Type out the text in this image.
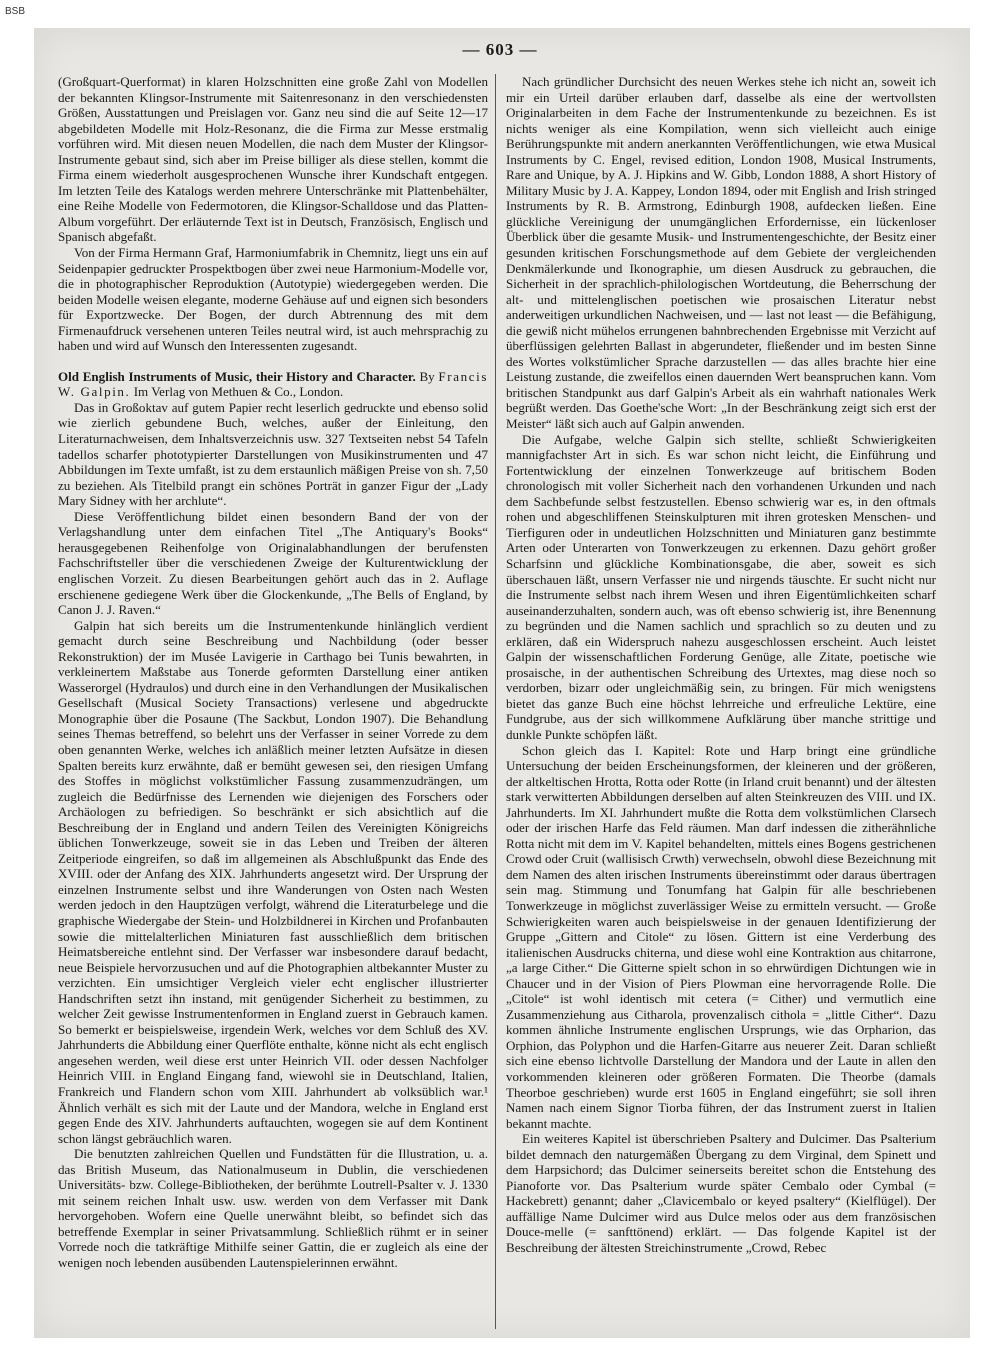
BSB
— 603 —

(Großquart-Querformat) in klaren Holzschnitten eine große Zahl von Modellen der bekannten Klingsor-Instrumente mit Saitenresonanz in den verschiedensten Größen, Ausstattungen und Preislagen vor. Ganz neu sind die auf Seite 12—17 abgebildeten Modelle mit Holz-Resonanz, die die Firma zur Messe erstmalig vorführen wird. Mit diesen neuen Modellen, die nach dem Muster der Klingsor-Instrumente gebaut sind, sich aber im Preise billiger als diese stellen, kommt die Firma einem wiederholt ausgesprochenen Wunsche ihrer Kundschaft entgegen. Im letzten Teile des Katalogs werden mehrere Unterschränke mit Plattenbehälter, eine Reihe Modelle von Federmotoren, die Klingsor-Schalldose und das Platten-Album vorgeführt. Der erläuternde Text ist in Deutsch, Französisch, Englisch und Spanisch abgefaßt.

Von der Firma Hermann Graf, Harmoniumfabrik in Chemnitz, liegt uns ein auf Seidenpapier gedruckter Prospektbogen über zwei neue Harmonium-Modelle vor, die in photographischer Reproduktion (Autotypie) wiedergegeben werden. Die beiden Modelle weisen elegante, moderne Gehäuse auf und eignen sich besonders für Exportzwecke. Der Bogen, der durch Abtrennung des mit dem Firmenaufdruck versehenen unteren Teiles neutral wird, ist auch mehrsprachig zu haben und wird auf Wunsch den Interessenten zugesandt.

Old English Instruments of Music, their History and Character. By Francis W. Galpin. Im Verlag von Methuen & Co., London.

Das in Großoktav auf gutem Papier recht leserlich gedruckte und ebenso solid wie zierlich gebundene Buch, welches, außer der Einleitung, den Literaturnachweisen, dem Inhaltsverzeichnis usw. 327 Textseiten nebst 54 Tafeln tadellos scharfer phototypierter Darstellungen von Musikinstrumenten und 47 Abbildungen im Texte umfaßt, ist zu dem erstaunlich mäßigen Preise von sh. 7,50 zu beziehen. Als Titelbild prangt ein schönes Porträt in ganzer Figur der „Lady Mary Sidney with her archlute“.

Diese Veröffentlichung bildet einen besondern Band der von der Verlagshandlung unter dem einfachen Titel „The Antiquary's Books“ herausgegebenen Reihenfolge von Originalabhandlungen der berufensten Fachschriftsteller über die verschiedenen Zweige der Kulturentwicklung der englischen Vorzeit. Zu diesen Bearbeitungen gehört auch das in 2. Auflage erschienene gediegene Werk über die Glockenkunde, „The Bells of England, by Canon J. J. Raven.“

Galpin hat sich bereits um die Instrumentenkunde hinlänglich verdient gemacht durch seine Beschreibung und Nachbildung (oder besser Rekonstruktion) der im Musée Lavigerie in Carthago bei Tunis bewahrten, in verkleinertem Maßstabe aus Tonerde geformten Darstellung einer antiken Wasserorgel (Hydraulos) und durch eine in den Verhandlungen der Musikalischen Gesellschaft (Musical Society Transactions) verlesene und abgedruckte Monographie über die Posaune (The Sackbut, London 1907). Die Behandlung seines Themas betreffend, so belehrt uns der Verfasser in seiner Vorrede zu dem oben genannten Werke, welches ich anläßlich meiner letzten Aufsätze in diesen Spalten bereits kurz erwähnte, daß er bemüht gewesen sei, den riesigen Umfang des Stoffes in möglichst volkstümlicher Fassung zusammenzudrängen, um zugleich die Bedürfnisse des Lernenden wie diejenigen des Forschers oder Archäologen zu befriedigen. So beschränkt er sich absichtlich auf die Beschreibung der in England und andern Teilen des Vereinigten Königreichs üblichen Tonwerkzeuge, soweit sie in das Leben und Treiben der älteren Zeitperiode eingreifen, so daß im allgemeinen als Abschlußpunkt das Ende des XVIII. oder der Anfang des XIX. Jahrhunderts angesetzt wird. Der Ursprung der einzelnen Instrumente selbst und ihre Wanderungen von Osten nach Westen werden jedoch in den Hauptzügen verfolgt, während die Literaturbelege und die graphische Wiedergabe der Stein- und Holzbildnerei in Kirchen und Profanbauten sowie die mittelalterlichen Miniaturen fast ausschließlich dem britischen Heimatsbereiche entlehnt sind. Der Verfasser war insbesondere darauf bedacht, neue Beispiele hervorzusuchen und auf die Photographien altbekannter Muster zu verzichten. Ein umsichtiger Vergleich vieler echt englischer illustrierter Handschriften setzt ihn instand, mit genügender Sicherheit zu bestimmen, zu welcher Zeit gewisse Instrumentenformen in England zuerst in Gebrauch kamen. So bemerkt er beispielsweise, irgendein Werk, welches vor dem Schluß des XV. Jahrhunderts die Abbildung einer Querflöte enthalte, könne nicht als echt englisch angesehen werden, weil diese erst unter Heinrich VII. oder dessen Nachfolger Heinrich VIII. in England Eingang fand, wiewohl sie in Deutschland, Italien, Frankreich und Flandern schon vom XIII. Jahrhundert ab volksüblich war.¹ Ähnlich verhält es sich mit der Laute und der Mandora, welche in England erst gegen Ende des XIV. Jahrhunderts auftauchten, wogegen sie auf dem Kontinent schon längst gebräuchlich waren.

Die benutzten zahlreichen Quellen und Fundstätten für die Illustration, u. a. das British Museum, das Nationalmuseum in Dublin, die verschiedenen Universitäts- bzw. College-Bibliotheken, der berühmte Loutrell-Psalter v. J. 1330 mit seinem reichen Inhalt usw. usw. werden von dem Verfasser mit Dank hervorgehoben. Wofern eine Quelle unerwähnt bleibt, so befindet sich das betreffende Exemplar in seiner Privatsammlung. Schließlich rühmt er in seiner Vorrede noch die tatkräftige Mithilfe seiner Gattin, die er zugleich als eine der wenigen noch lebenden ausübenden Lautenspielerinnen erwähnt.

Nach gründlicher Durchsicht des neuen Werkes stehe ich nicht an, soweit ich mir ein Urteil darüber erlauben darf, dasselbe als eine der wertvollsten Originalarbeiten in dem Fache der Instrumentenkunde zu bezeichnen. Es ist nichts weniger als eine Kompilation, wenn sich vielleicht auch einige Berührungspunkte mit andern anerkannten Veröffentlichungen, wie etwa Musical Instruments by C. Engel, revised edition, London 1908, Musical Instruments, Rare and Unique, by A. J. Hipkins and W. Gibb, London 1888, A short History of Military Music by J. A. Kappey, London 1894, oder mit English and Irish stringed Instruments by R. B. Armstrong, Edinburgh 1908, aufdecken ließen. Eine glückliche Vereinigung der unumgänglichen Erfordernisse, ein lückenloser Überblick über die gesamte Musik- und Instrumentengeschichte, der Besitz einer gesunden kritischen Forschungsmethode auf dem Gebiete der vergleichenden Denkmälerkunde und Ikonographie, um diesen Ausdruck zu gebrauchen, die Sicherheit in der sprachlich-philologischen Wortdeutung, die Beherrschung der alt- und mittelenglischen poetischen wie prosaischen Literatur nebst anderweitigen urkundlichen Nachweisen, und — last not least — die Befähigung, die gewiß nicht mühelos errungenen bahnbrechenden Ergebnisse mit Verzicht auf überflüssigen gelehrten Ballast in abgerundeter, fließender und im besten Sinne des Wortes volkstümlicher Sprache darzustellen — das alles brachte hier eine Leistung zustande, die zweifellos einen dauernden Wert beanspruchen kann. Vom britischen Standpunkt aus darf Galpin's Arbeit als ein wahrhaft nationales Werk begrüßt werden. Das Goethe'sche Wort: „In der Beschränkung zeigt sich erst der Meister“ läßt sich auch auf Galpin anwenden.

Die Aufgabe, welche Galpin sich stellte, schließt Schwierigkeiten mannigfachster Art in sich. Es war schon nicht leicht, die Einführung und Fortentwicklung der einzelnen Tonwerkzeuge auf britischem Boden chronologisch mit voller Sicherheit nach den vorhandenen Urkunden und nach dem Sachbefunde selbst festzustellen. Ebenso schwierig war es, in den oftmals rohen und abgeschliffenen Steinskulpturen mit ihren grotesken Menschen- und Tierfiguren oder in undeutlichen Holzschnitten und Miniaturen ganz bestimmte Arten oder Unterarten von Tonwerkzeugen zu erkennen. Dazu gehört großer Scharfsinn und glückliche Kombinationsgabe, die aber, soweit es sich überschauen läßt, unsern Verfasser nie und nirgends täuschte. Er sucht nicht nur die Instrumente selbst nach ihrem Wesen und ihren Eigentümlichkeiten scharf auseinanderzuhalten, sondern auch, was oft ebenso schwierig ist, ihre Benennung zu begründen und die Namen sachlich und sprachlich so zu deuten und zu erklären, daß ein Widerspruch nahezu ausgeschlossen erscheint. Auch leistet Galpin der wissenschaftlichen Forderung Genüge, alle Zitate, poetische wie prosaische, in der authentischen Schreibung des Urtextes, mag diese noch so verdorben, bizarr oder ungleichmäßig sein, zu bringen. Für mich wenigstens bietet das ganze Buch eine höchst lehrreiche und erfreuliche Lektüre, eine Fundgrube, aus der sich willkommene Aufklärung über manche strittige und dunkle Punkte schöpfen läßt.

Schon gleich das I. Kapitel: Rote und Harp bringt eine gründliche Untersuchung der beiden Erscheinungsformen, der kleineren und der größeren, der altkeltischen Hrotta, Rotta oder Rotte (in Irland cruit benannt) und der ältesten stark verwitterten Abbildungen derselben auf alten Steinkreuzen des VIII. und IX. Jahrhunderts. Im XI. Jahrhundert mußte die Rotta dem volkstümlichen Clarsech oder der irischen Harfe das Feld räumen. Man darf indessen die zitherähnliche Rotta nicht mit dem im V. Kapitel behandelten, mittels eines Bogens gestrichenen Crowd oder Cruit (wallisisch Crwth) verwechseln, obwohl diese Bezeichnung mit dem Namen des alten irischen Instruments übereinstimmt oder daraus übertragen sein mag. Stimmung und Tonumfang hat Galpin für alle beschriebenen Tonwerkzeuge in möglichst zuverlässiger Weise zu ermitteln versucht. — Große Schwierigkeiten waren auch beispielsweise in der genauen Identifizierung der Gruppe „Gittern and Citole“ zu lösen. Gittern ist eine Verderbung des italienischen Ausdrucks chiterna, und diese wohl eine Kontraktion aus chitarrone, „a large Cither.“ Die Gitterne spielt schon in so ehrwürdigen Dichtungen wie in Chaucer und in der Vision of Piers Plowman eine hervorragende Rolle. Die „Citole“ ist wohl identisch mit cetera (= Cither) und vermutlich eine Zusammenziehung aus Citharola, provenzalisch cithola = „little Cither“. Dazu kommen ähnliche Instrumente englischen Ursprungs, wie das Orpharion, das Orphion, das Polyphon und die Harfen-Gitarre aus neuerer Zeit. Daran schließt sich eine ebenso lichtvolle Darstellung der Mandora und der Laute in allen den vorkommenden kleineren oder größeren Formaten. Die Theorbe (damals Theorboe geschrieben) wurde erst 1605 in England eingeführt; sie soll ihren Namen nach einem Signor Tiorba führen, der das Instrument zuerst in Italien bekannt machte.

Ein weiteres Kapitel ist überschrieben Psaltery and Dulcimer. Das Psalterium bildet demnach den naturgemäßen Übergang zu dem Virginal, dem Spinett und dem Harpsichord; das Dulcimer seinerseits bereitet schon die Entstehung des Pianoforte vor. Das Psalterium wurde später Cembalo oder Cymbal (= Hackebrett) genannt; daher „Clavicembalo or keyed psaltery“ (Kielflügel). Der auffällige Name Dulcimer wird aus Dulce melos oder aus dem französischen Douce-melle (= sanfttönend) erklärt. — Das folgende Kapitel ist der Beschreibung der ältesten Streichinstrumente „Crowd, Rebec
